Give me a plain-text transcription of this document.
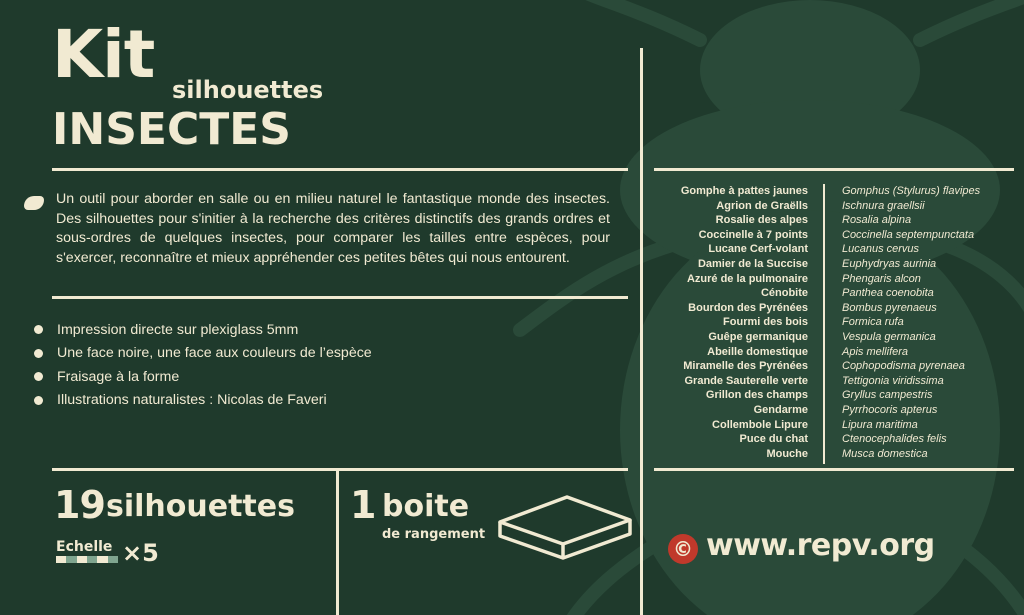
Kit silhouettes
INSECTES

Un outil pour aborder en salle ou en milieu naturel le fantastique monde des insectes. Des silhouettes pour s'initier à la recherche des critères distinctifs des grands ordres et sous-ordres de quelques insectes, pour comparer les tailles entre espèces, pour s'exercer, reconnaître et mieux appréhender ces petites bêtes qui nous entourent.

Impression directe sur plexiglass 5mm
Une face noire, une face aux couleurs de l’espèce
Fraisage à la forme
Illustrations naturalistes : Nicolas de Faveri
19 silhouettes
Echelle ×5
1 boite
de rangement
Gomphe à pattes jaunes
Agrion de Graëlls
Rosalie des alpes
Coccinelle à 7 points
Lucane Cerf-volant
Damier de la Succise
Azuré de la pulmonaire
Cénobite
Bourdon des Pyrénées
Fourmi des bois
Guêpe germanique
Abeille domestique
Miramelle des Pyrénées
Grande Sauterelle verte
Grillon des champs
Gendarme
Collembole Lipure
Puce du chat
Mouche
Gomphus (Stylurus) flavipes
Ischnura graellsii
Rosalia alpina
Coccinella septempunctata
Lucanus cervus
Euphydryas aurinia
Phengaris alcon
Panthea coenobita
Bombus pyrenaeus
Formica rufa
Vespula germanica
Apis mellifera
Cophopodisma pyrenaea
Tettigonia viridissima
Gryllus campestris
Pyrrhocoris apterus
Lipura maritima
Ctenocephalides felis
Musca domestica
© www.repv.org
